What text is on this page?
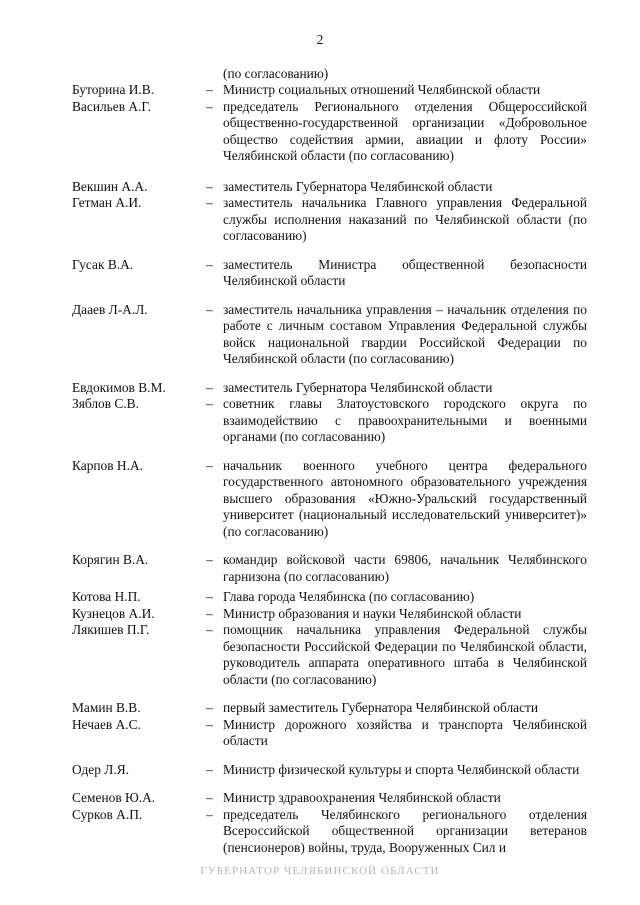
2
(по согласованию)
Буторина И.В.	– Министр социальных отношений Челябинской области
Васильев А.Г.	– председатель Регионального отделения Общероссийской общественно-государственной организации «Добровольное общество содействия армии, авиации и флоту России» Челябинской области (по согласованию)
Векшин А.А.	– заместитель Губернатора Челябинской области
Гетман А.И.	– заместитель начальника Главного управления Федеральной службы исполнения наказаний по Челябинской области (по согласованию)
Гусак В.А.	– заместитель Министра общественной безопасности Челябинской области
Даaев Л-А.Л.	– заместитель начальника управления – начальник отделения по работе с личным составом Управления Федеральной службы войск национальной гвардии Российской Федерации по Челябинской области (по согласованию)
Евдокимов В.М.	– заместитель Губернатора Челябинской области
Зяблов С.В.	– советник главы Златоустовского городского округа по взаимодействию с правоохранительными и военными органами (по согласованию)
Карпов Н.А.	– начальник военного учебного центра федерального государственного автономного образовательного учреждения высшего образования «Южно-Уральский государственный университет (национальный исследовательский университет)» (по согласованию)
Корягин В.А.	– командир войсковой части 69806, начальник Челябинского гарнизона (по согласованию)
Котова Н.П.	– Глава города Челябинска (по согласованию)
Кузнецов А.И.	– Министр образования и науки Челябинской области
Лякишев П.Г.	– помощник начальника управления Федеральной службы безопасности Российской Федерации по Челябинской области, руководитель аппарата оперативного штаба в Челябинской области (по согласованию)
Мамин В.В.	– первый заместитель Губернатора Челябинской области
Нечаев А.С.	– Министр дорожного хозяйства и транспорта Челябинской области
Одер Л.Я.	– Министр физической культуры и спорта Челябинской области
Семенов Ю.А.	– Министр здравоохранения Челябинской области
Сурков А.П.	– председатель Челябинского регионального отделения Всероссийской общественной организации ветеранов (пенсионеров) войны, труда, Вооруженных Сил и
ГУБЕРНАТОР ЧЕЛЯБИНСКОЙ ОБЛАСТИ
